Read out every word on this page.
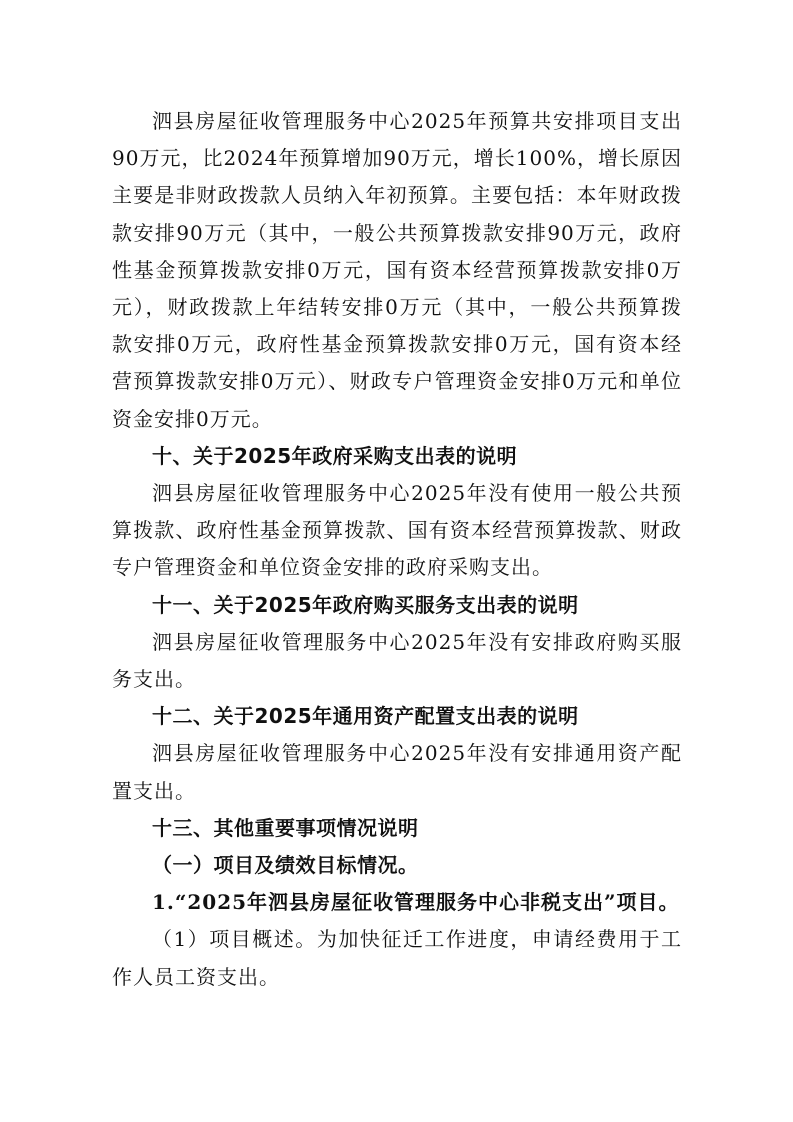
泗县房屋征收管理服务中心2025年预算共安排项目支出90万元，比2024年预算增加90万元，增长100%，增长原因主要是非财政拨款人员纳入年初预算。主要包括：本年财政拨款安排90万元（其中，一般公共预算拨款安排90万元，政府性基金预算拨款安排0万元，国有资本经营预算拨款安排0万元），财政拨款上年结转安排0万元（其中，一般公共预算拨款安排0万元，政府性基金预算拨款安排0万元，国有资本经营预算拨款安排0万元）、财政专户管理资金安排0万元和单位资金安排0万元。

十、关于2025年政府采购支出表的说明

泗县房屋征收管理服务中心2025年没有使用一般公共预算拨款、政府性基金预算拨款、国有资本经营预算拨款、财政专户管理资金和单位资金安排的政府采购支出。

十一、关于2025年政府购买服务支出表的说明

泗县房屋征收管理服务中心2025年没有安排政府购买服务支出。

十二、关于2025年通用资产配置支出表的说明

泗县房屋征收管理服务中心2025年没有安排通用资产配置支出。

十三、其他重要事项情况说明

（一）项目及绩效目标情况。

1.“2025年泗县房屋征收管理服务中心非税支出”项目。

（1）项目概述。为加快征迁工作进度，申请经费用于工作人员工资支出。
